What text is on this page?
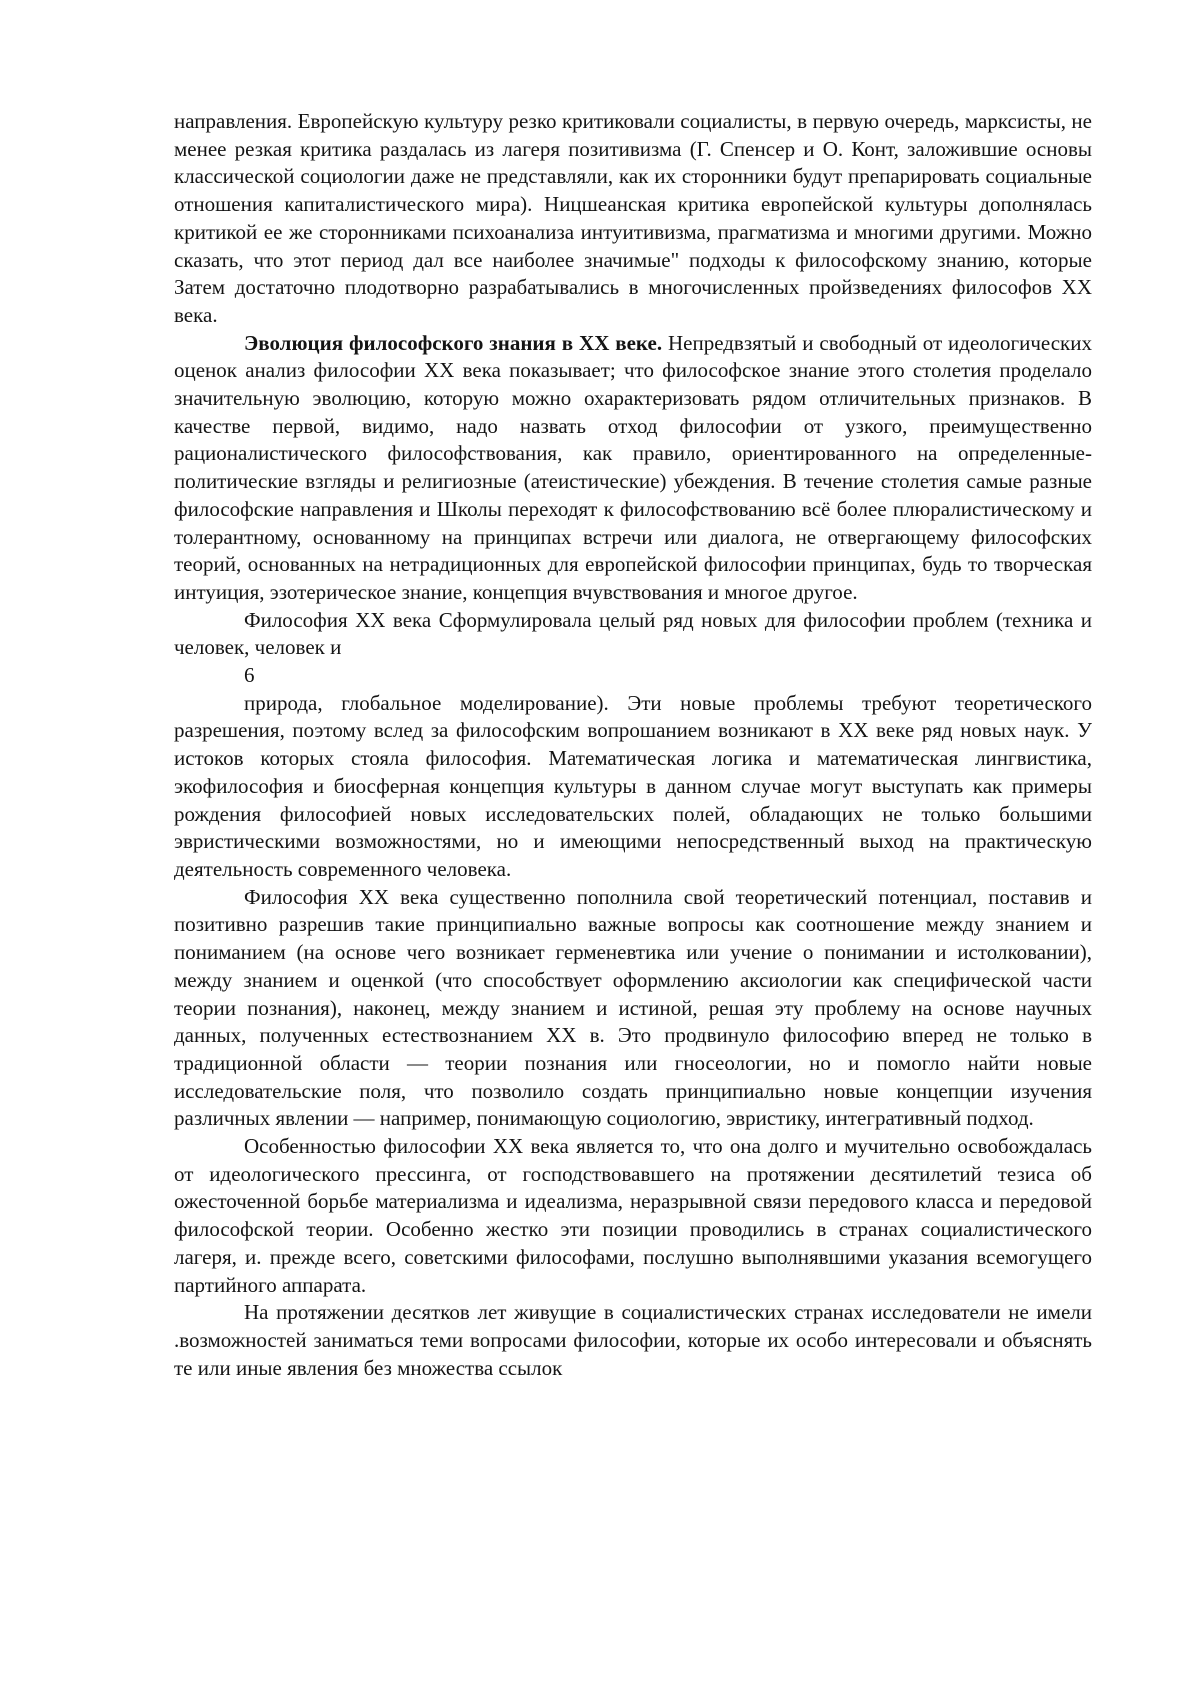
направления. Европейскую культуру резко критиковали социалисты, в первую очередь, марксисты, не менее резкая критика раздалась из лагеря позитивизма (Г. Спенсер и О. Конт, заложившие основы классической социологии даже не представляли, как их сторонники будут препарировать социальные отношения капиталистического мира). Ницшеанская критика европейской культуры дополнялась критикой ее же сторонниками психоанализа интуитивизма, прагматизма и многими другими. Можно сказать, что этот период дал все наиболее значимые" подходы к философскому знанию, которые Затем достаточно плодотворно разрабатывались в многочисленных пройзведениях философов XX века.

Эволюция философского знания в XX веке. Непредвзятый и свободный от идеологических оценок анализ философии XX века показывает; что философское знание этого столетия проделало значительную эволюцию, которую можно охарактеризовать рядом отличительных признаков. В качестве первой, видимо, надо назвать отход философии от узкого, преимущественно рационалистического философствования, как правило, ориентированного на определенные-политические взгляды и религиозные (атеистические) убеждения. В течение столетия самые разные философские направления и Школы переходят к философствованию всё более плюралистическому и толерантному, основанному на принципах встречи или диалога, не отвергающему философских теорий, основанных на нетрадиционных для европейской философии принципах, будь то творческая интуиция, эзотерическое знание, концепция вчувствования и многое другое.

Философия XX века Сформулировала целый ряд новых для философии проблем (техника и человек, человек и

6

природа, глобальное моделирование). Эти новые проблемы требуют теоретического разрешения, поэтому вслед за философским вопрошанием возникают в XX веке ряд новых наук. У истоков которых стояла философия. Математическая логика и математическая лингвистика, экофилософия и биосферная концепция культуры в данном случае могут выступать как примеры рождения философией новых исследовательских полей, обладающих не только большими эвристическими возможностями, но и имеющими непосредственный выход на практическую деятельность современного человека.

Философия XX века существенно пополнила свой теоретический потенциал, поставив и позитивно разрешив такие принципиально важные вопросы как соотношение между знанием и пониманием (на основе чего возникает герменевтика или учение о понимании и истолковании), между знанием и оценкой (что способствует оформлению аксиологии как специфической части теории познания), наконец, между знанием и истиной, решая эту проблему на основе научных данных, полученных естествознанием XX в. Это продвинуло философию вперед не только в традиционной области — теории познания или гносеологии, но и помогло найти новые исследовательские поля, что позволило создать принципиально новые концепции изучения различных явлении — например, понимающую социологию, эвристику, интегративный подход.

Особенностью философии XX века является то, что она долго и мучительно освобождалась от идеологического прессинга, от господствовавшего на протяжении десятилетий тезиса об ожесточенной борьбе материализма и идеализма, неразрывной связи передового класса и передовой философской теории. Особенно жестко эти позиции проводились в странах социалистического лагеря, и. прежде всего, советскими философами, послушно выполнявшими указания всемогущего партийного аппарата.

На протяжении десятков лет живущие в социалистических странах исследователи не имели .возможностей заниматься теми вопросами философии, которые их особо интересовали и объяснять те или иные явления без множества ссылок
